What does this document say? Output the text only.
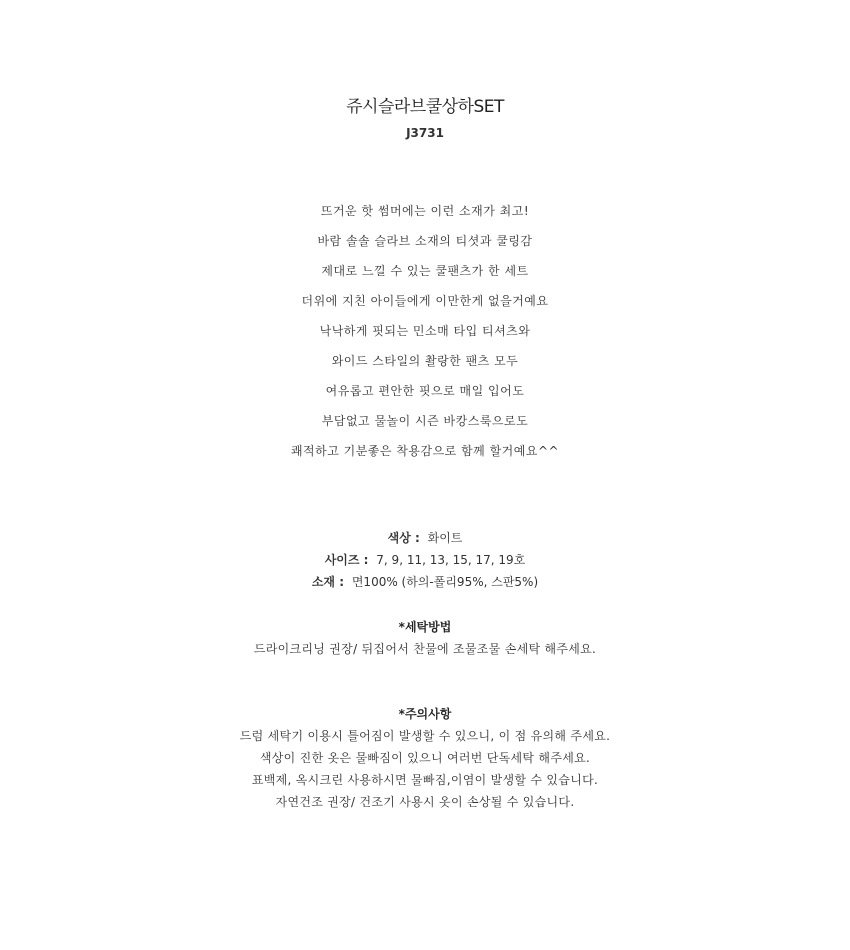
쥬시슬라브쿨상하SET
J3731
뜨거운 핫 썸머에는 이런 소재가 최고!
바람 솔솔 슬라브 소재의 티셧과 쿨링감
제대로 느낄 수 있는 쿨팬츠가 한 세트
더위에 지친 아이들에게 이만한게 없을거예요
낙낙하게 핏되는 민소매 타입 티셔츠와
와이드 스타일의 촬랑한 팬츠 모두
여유롭고 편안한 핏으로 매일 입어도
부담없고 물놀이 시즌 바캉스룩으로도
쾌적하고 기분좋은 착용감으로 함께 할거예요^^
색상 : 화이트
사이즈 : 7, 9, 11, 13, 15, 17, 19호
소재 : 면100% (하의-폴리95%, 스판5%)
*세탁방법
드라이크리닝 권장/ 뒤집어서 찬물에 조물조물 손세탁 해주세요.
*주의사항
드럼 세탁기 이용시 틀어짐이 발생할 수 있으니, 이 점 유의해 주세요.
색상이 진한 옷은 물빠짐이 있으니 여러번 단독세탁 해주세요.
표백제, 옥시크린 사용하시면 물빠짐,이염이 발생할 수 있습니다.
자연건조 권장/ 건조기 사용시 옷이 손상될 수 있습니다.
